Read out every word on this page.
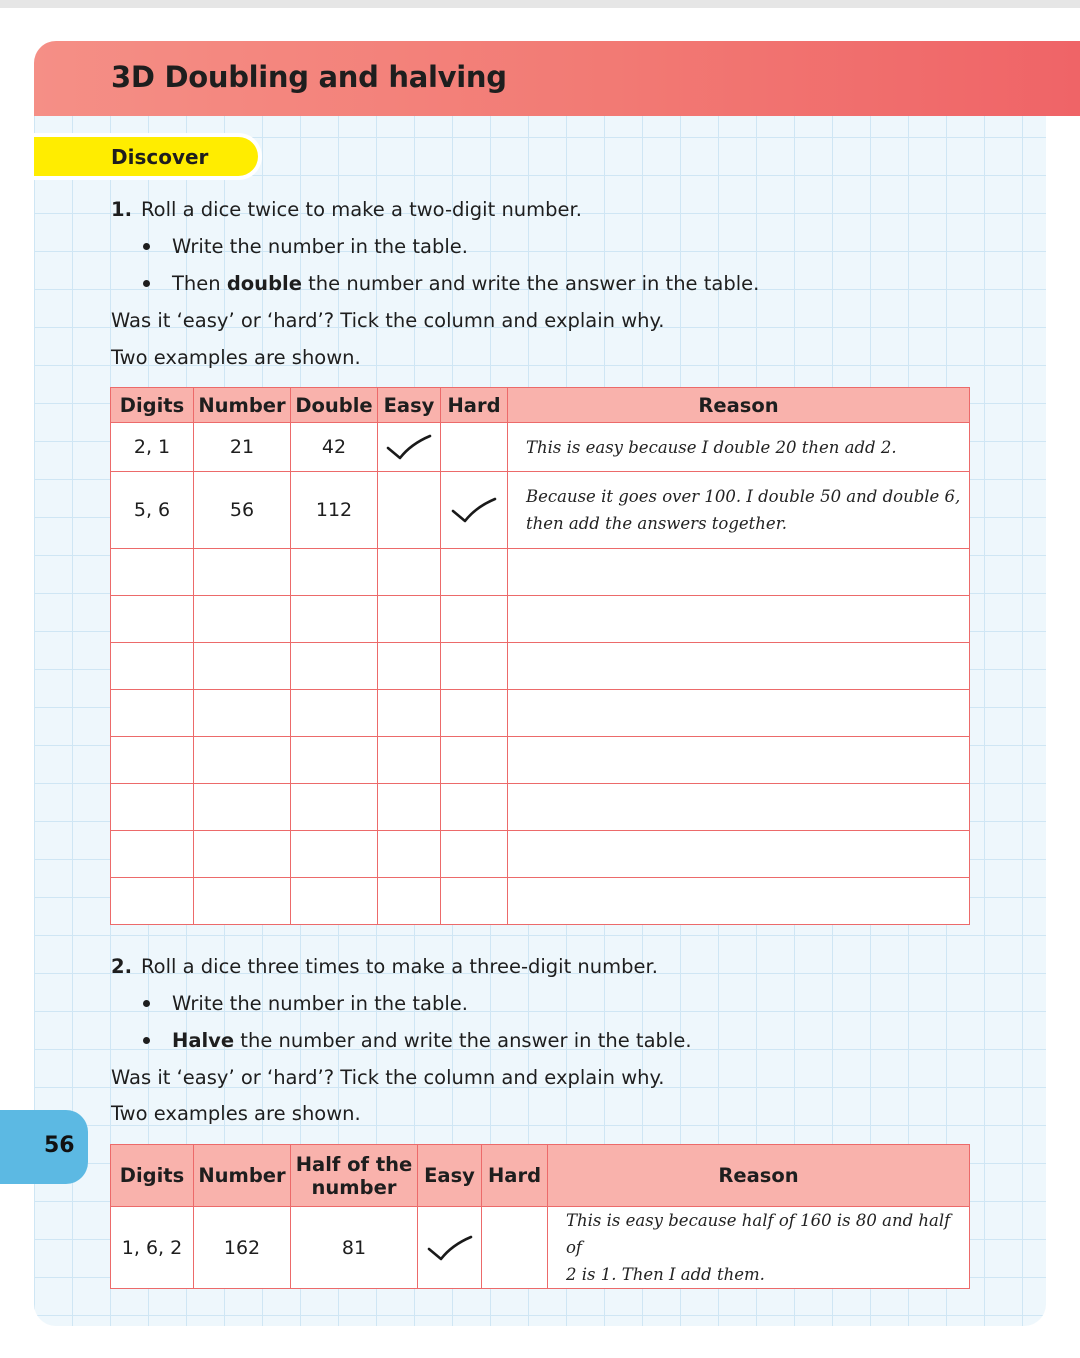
3D Doubling and halving
Discover
1. Roll a dice twice to make a two-digit number.
Write the number in the table.
Then double the number and write the answer in the table.
Was it ‘easy’ or ‘hard’? Tick the column and explain why.
Two examples are shown.
Digits	Number	Double	Easy	Hard	Reason
2, 1	21	42			This is easy because I double 20 then add 2.

5, 6	56	112			Because it goes over 100. I double 50 and double 6,
then add the answers together.

2. Roll a dice three times to make a three-digit number.
Write the number in the table.
Halve the number and write the answer in the table.
Was it ‘easy’ or ‘hard’? Tick the column and explain why.
Two examples are shown.
Digits	Number	Half of the
number	Easy	Hard	Reason
1, 6, 2	162	81			This is easy because half of 160 is 80 and half of
2 is 1. Then I add them.
56
